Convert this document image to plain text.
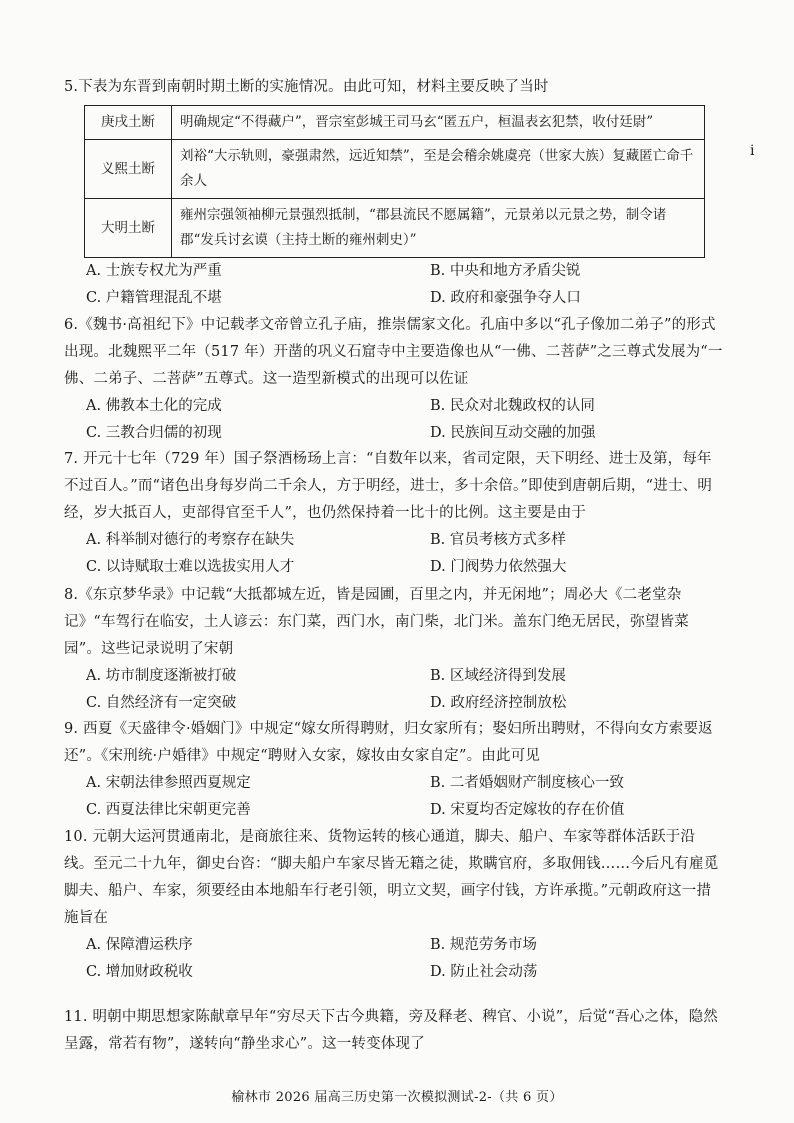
5.下表为东晋到南朝时期土断的实施情况。由此可知，材料主要反映了当时
庚戌土断	明确规定“不得藏户”，晋宗室彭城王司马玄“匿五户，桓温表玄犯禁，收付廷尉”
义熙土断	刘裕“大示轨则，豪强肃然，远近知禁”，至是会稽余姚虞亮（世家大族）复藏匿亡命千余人
大明土断	雍州宗强领袖柳元景强烈抵制，“郡县流民不愿属籍”，元景弟以元景之势，制令诸郡“发兵讨玄谟（主持土断的雍州刺史）”
A. 士族专权尤为严重	B. 中央和地方矛盾尖锐
C. 户籍管理混乱不堪	D. 政府和豪强争夺人口
i
6.《魏书·高祖纪下》中记载孝文帝曾立孔子庙，推崇儒家文化。孔庙中多以“孔子像加二弟子”的形式出现。北魏熙平二年（517 年）开凿的巩义石窟寺中主要造像也从“一佛、二菩萨”之三尊式发展为“一佛、二弟子、二菩萨”五尊式。这一造型新模式的出现可以佐证
A. 佛教本土化的完成	B. 民众对北魏政权的认同
C. 三教合归儒的初现	D. 民族间互动交融的加强
7. 开元十七年（729 年）国子祭酒杨玚上言：“自数年以来，省司定限，天下明经、进士及第，每年不过百人。”而“诸色出身每岁尚二千余人，方于明经，进士，多十余倍。”即使到唐朝后期，“进士、明经，岁大抵百人，吏部得官至千人”，也仍然保持着一比十的比例。这主要是由于
A. 科举制对德行的考察存在缺失	B. 官员考核方式多样
C. 以诗赋取士难以选拔实用人才	D. 门阀势力依然强大
8.《东京梦华录》中记载“大抵都城左近，皆是园圃，百里之内，并无闲地”；周必大《二老堂杂记》“车驾行在临安，土人谚云：东门菜，西门水，南门柴，北门米。盖东门绝无居民，弥望皆菜园”。这些记录说明了宋朝
A. 坊市制度逐渐被打破	B. 区域经济得到发展
C. 自然经济有一定突破	D. 政府经济控制放松
9. 西夏《天盛律令·婚姻门》中规定“嫁女所得聘财，归女家所有；娶妇所出聘财，不得向女方索要返还”。《宋刑统·户婚律》中规定“聘财入女家，嫁妆由女家自定”。由此可见
A. 宋朝法律参照西夏规定	B. 二者婚姻财产制度核心一致
C. 西夏法律比宋朝更完善	D. 宋夏均否定嫁妆的存在价值
10. 元朝大运河贯通南北，是商旅往来、货物运转的核心通道，脚夫、船户、车家等群体活跃于沿线。至元二十九年，御史台咨：“脚夫船户车家尽皆无籍之徒，欺瞒官府，多取佣钱……今后凡有雇觅脚夫、船户、车家，须要经由本地船车行老引领，明立文契，画字付钱，方许承揽。”元朝政府这一措施旨在
A. 保障漕运秩序	B. 规范劳务市场
C. 增加财政税收	D. 防止社会动荡
11. 明朝中期思想家陈献章早年“穷尽天下古今典籍，旁及释老、稗官、小说”，后觉“吾心之体，隐然呈露，常若有物”，遂转向“静坐求心”。这一转变体现了
榆林市 2026 届高三历史第一次模拟测试-2-（共 6 页）
